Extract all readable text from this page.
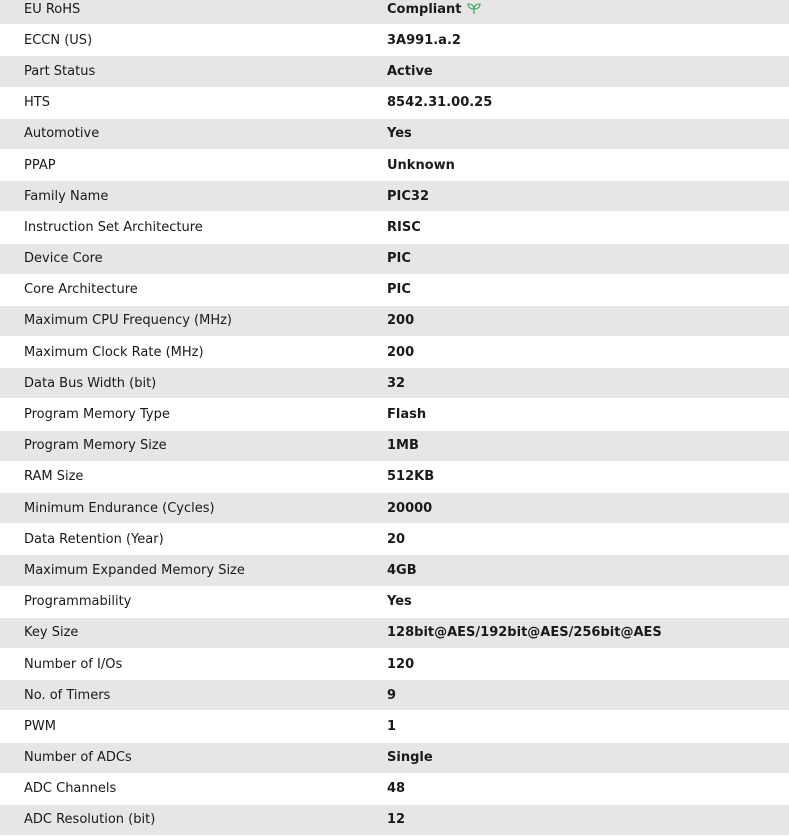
EU RoHS	Compliant
ECCN (US)	3A991.a.2
Part Status	Active
HTS	8542.31.00.25
Automotive	Yes
PPAP	Unknown
Family Name	PIC32
Instruction Set Architecture	RISC
Device Core	PIC
Core Architecture	PIC
Maximum CPU Frequency (MHz)	200
Maximum Clock Rate (MHz)	200
Data Bus Width (bit)	32
Program Memory Type	Flash
Program Memory Size	1MB
RAM Size	512KB
Minimum Endurance (Cycles)	20000
Data Retention (Year)	20
Maximum Expanded Memory Size	4GB
Programmability	Yes
Key Size	128bit@AES/192bit@AES/256bit@AES
Number of I/Os	120
No. of Timers	9
PWM	1
Number of ADCs	Single
ADC Channels	48
ADC Resolution (bit)	12
